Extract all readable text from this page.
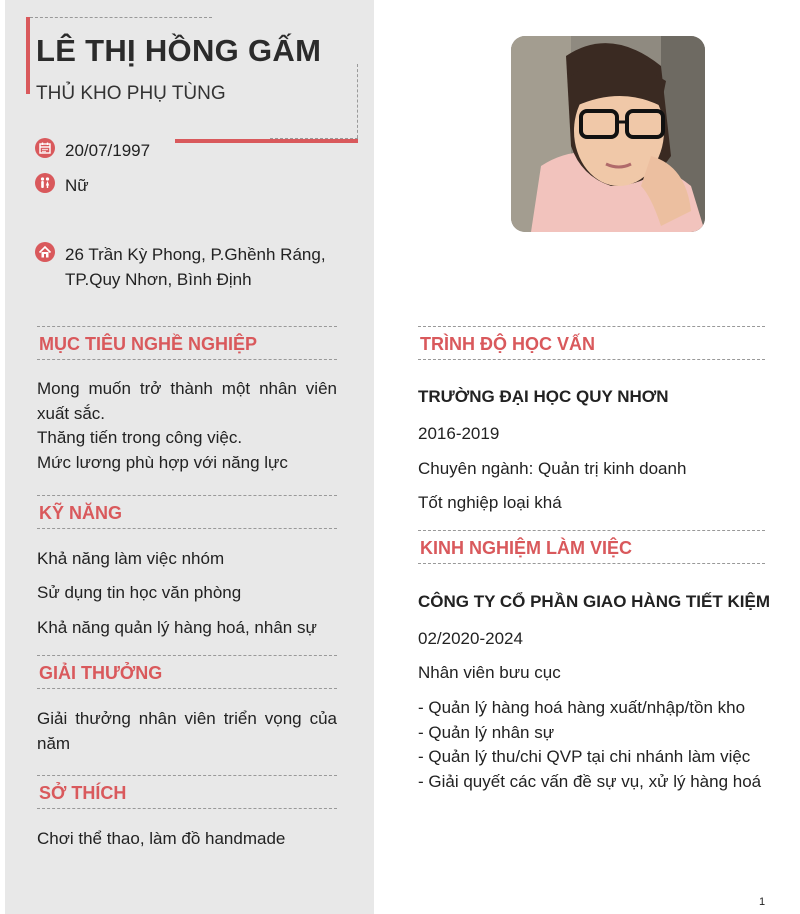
LÊ THỊ HỒNG GẤM
THỦ KHO PHỤ TÙNG
20/07/1997
Nữ
26 Trần Kỳ Phong, P.Ghềnh Ráng,
TP.Quy Nhơn, Bình Định
MỤC TIÊU NGHỀ NGHIỆP
Mong muốn trở thành một nhân viên xuất sắc.
Thăng tiến trong công việc.
Mức lương phù hợp với năng lực
KỸ NĂNG
Khả năng làm việc nhóm
Sử dụng tin học văn phòng
Khả năng quản lý hàng hoá, nhân sự
GIẢI THƯỞNG
Giải thưởng nhân viên triển vọng của năm
SỞ THÍCH
Chơi thể thao, làm đồ handmade
TRÌNH ĐỘ HỌC VẤN
TRƯỜNG ĐẠI HỌC QUY NHƠN
2016-2019
Chuyên ngành: Quản trị kinh doanh
Tốt nghiệp loại khá
KINH NGHIỆM LÀM VIỆC
CÔNG TY CỔ PHẦN GIAO HÀNG TIẾT KIỆM
02/2020-2024
Nhân viên bưu cục
- Quản lý hàng hoá hàng xuất/nhập/tồn kho
- Quản lý nhân sự
- Quản lý thu/chi QVP tại chi nhánh làm việc
- Giải quyết các vấn đề sự vụ, xử lý hàng hoá
1
